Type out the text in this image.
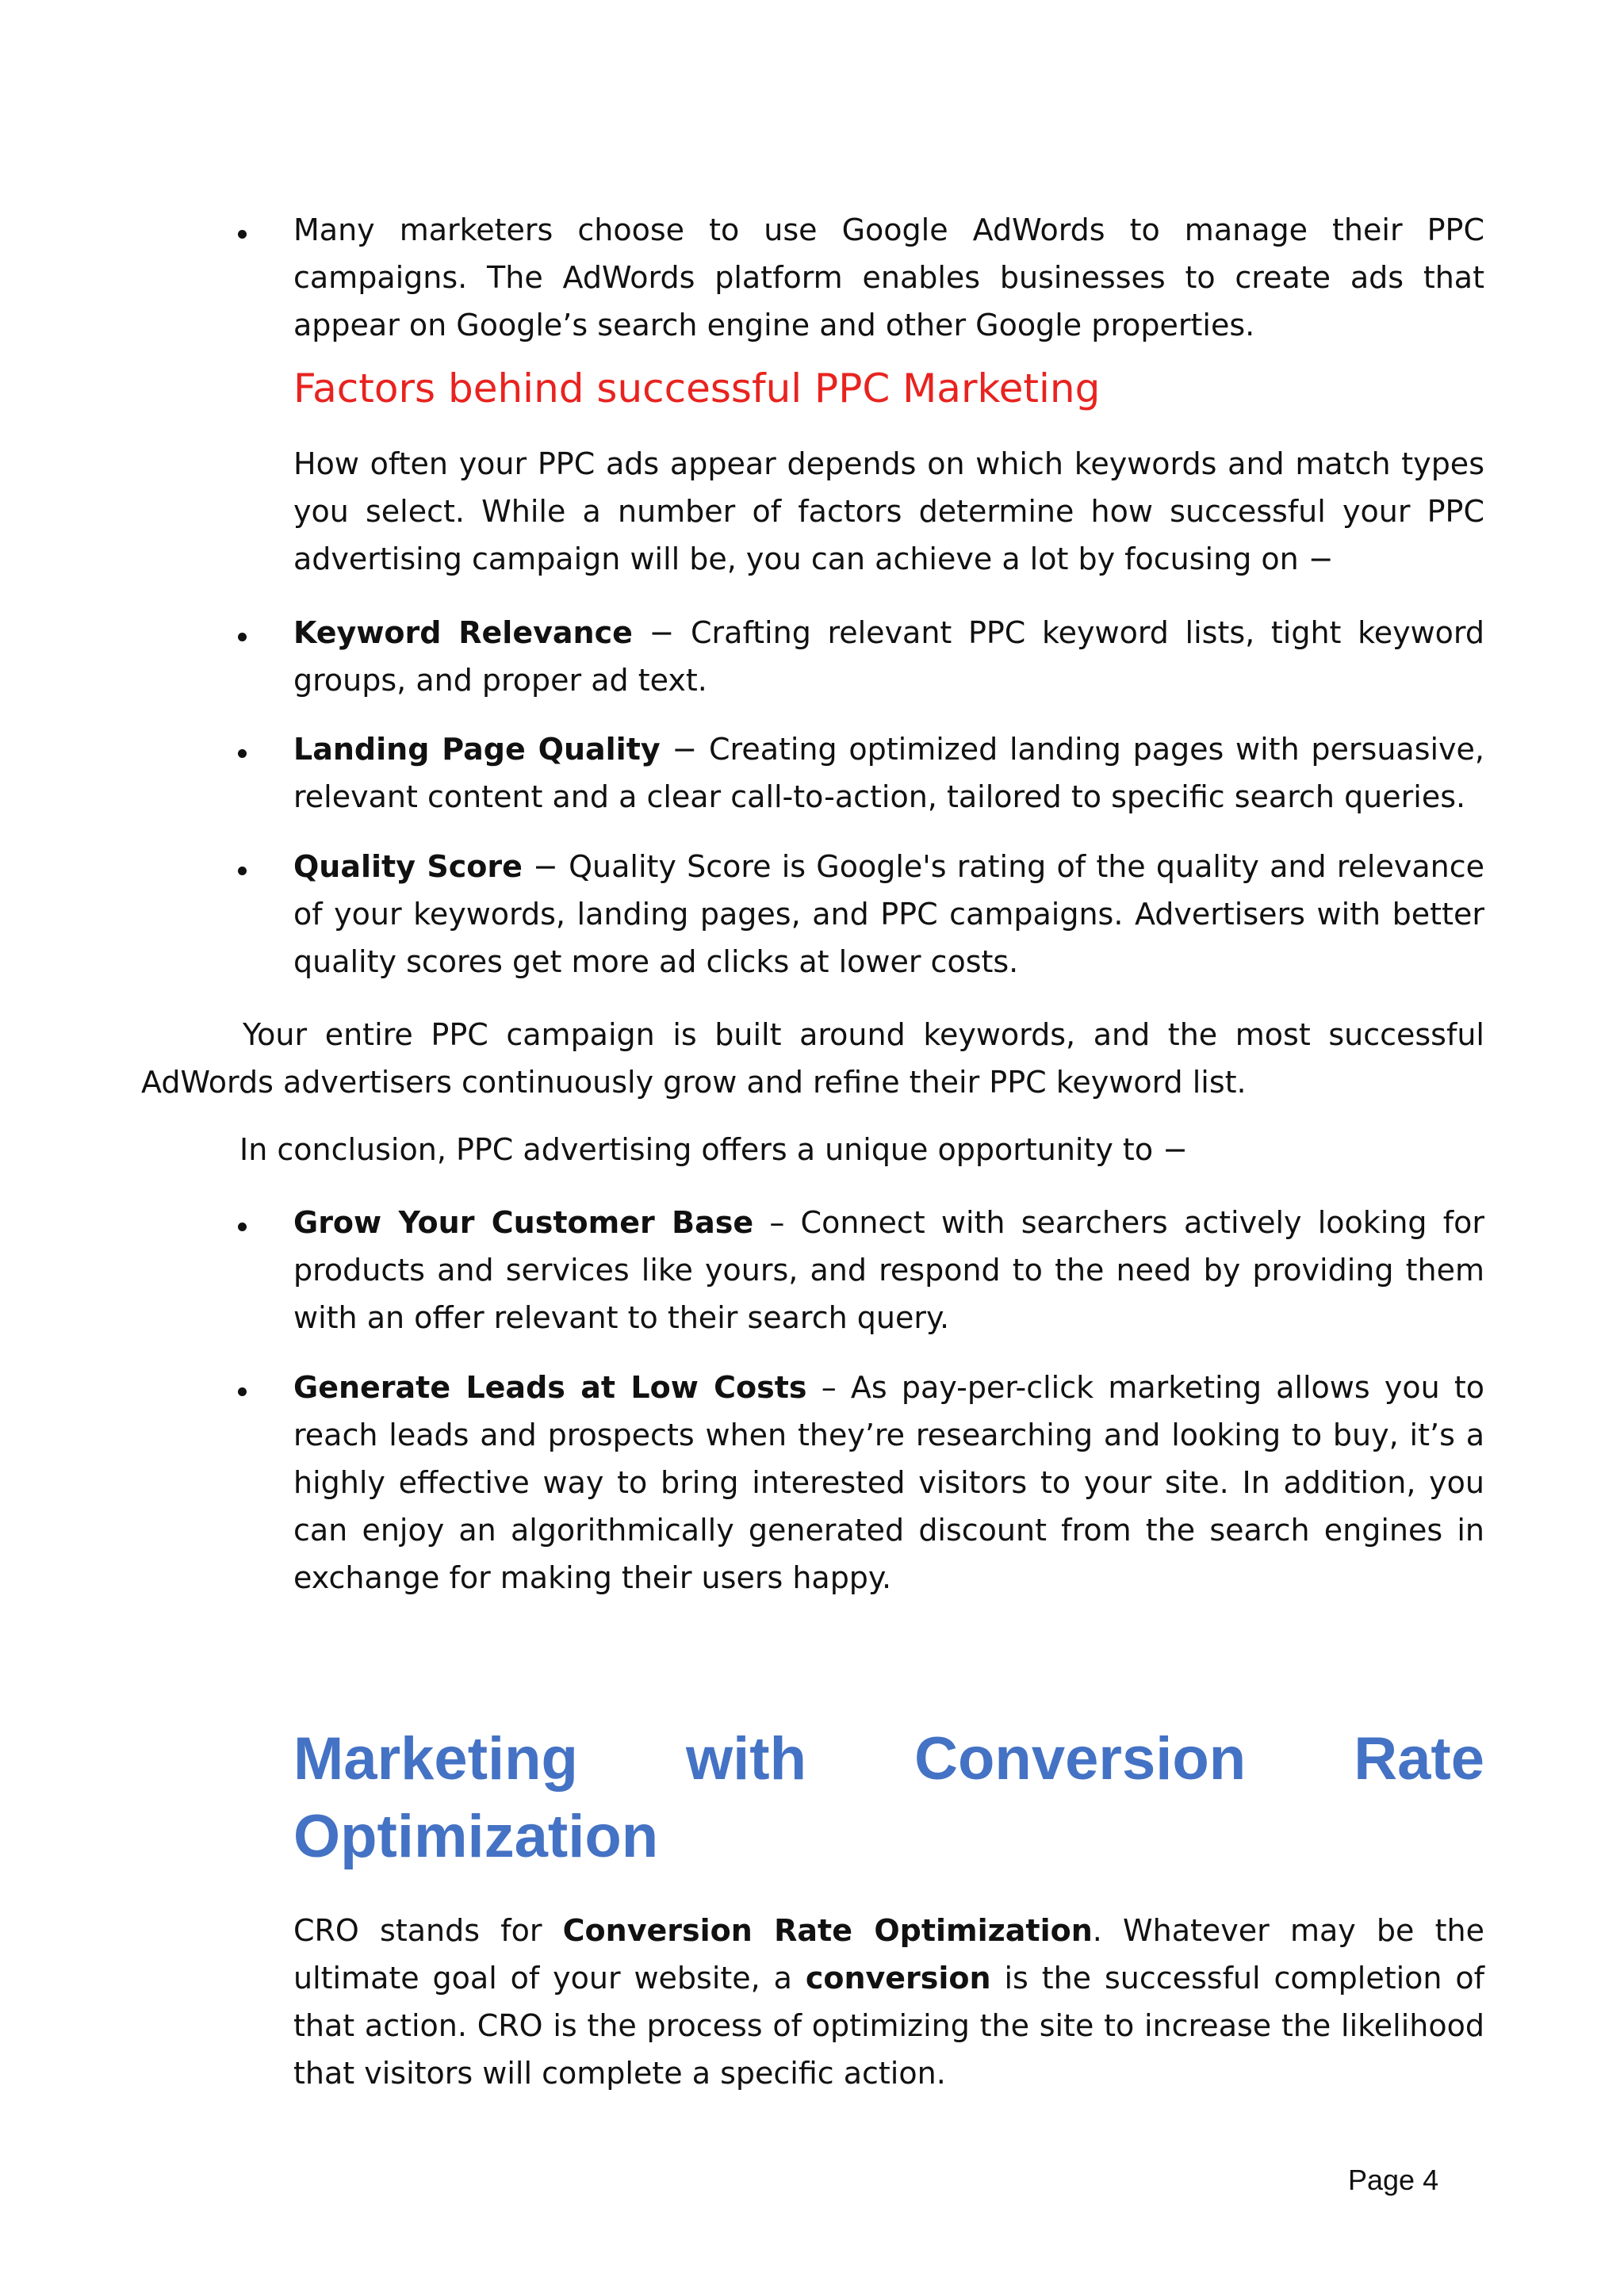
Many marketers choose to use Google AdWords to manage their PPC campaigns. The AdWords platform enables businesses to create ads that appear on Google’s search engine and other Google properties.
Factors behind successful PPC Marketing
How often your PPC ads appear depends on which keywords and match types you select. While a number of factors determine how successful your PPC advertising campaign will be, you can achieve a lot by focusing on −
Keyword Relevance − Crafting relevant PPC keyword lists, tight keyword groups, and proper ad text.
Landing Page Quality − Creating optimized landing pages with persuasive, relevant content and a clear call-to-action, tailored to specific search queries.
Quality Score − Quality Score is Google's rating of the quality and relevance of your keywords, landing pages, and PPC campaigns. Advertisers with better quality scores get more ad clicks at lower costs.
Your entire PPC campaign is built around keywords, and the most successful AdWords advertisers continuously grow and refine their PPC keyword list.
In conclusion, PPC advertising offers a unique opportunity to −
Grow Your Customer Base – Connect with searchers actively looking for products and services like yours, and respond to the need by providing them with an offer relevant to their search query.
Generate Leads at Low Costs – As pay-per-click marketing allows you to reach leads and prospects when they’re researching and looking to buy, it’s a highly effective way to bring interested visitors to your site. In addition, you can enjoy an algorithmically generated discount from the search engines in exchange for making their users happy.
Marketing with Conversion Rate
Optimization
CRO stands for Conversion Rate Optimization. Whatever may be the ultimate goal of your website, a conversion is the successful completion of that action. CRO is the process of optimizing the site to increase the likelihood that visitors will complete a specific action.
Page 4
